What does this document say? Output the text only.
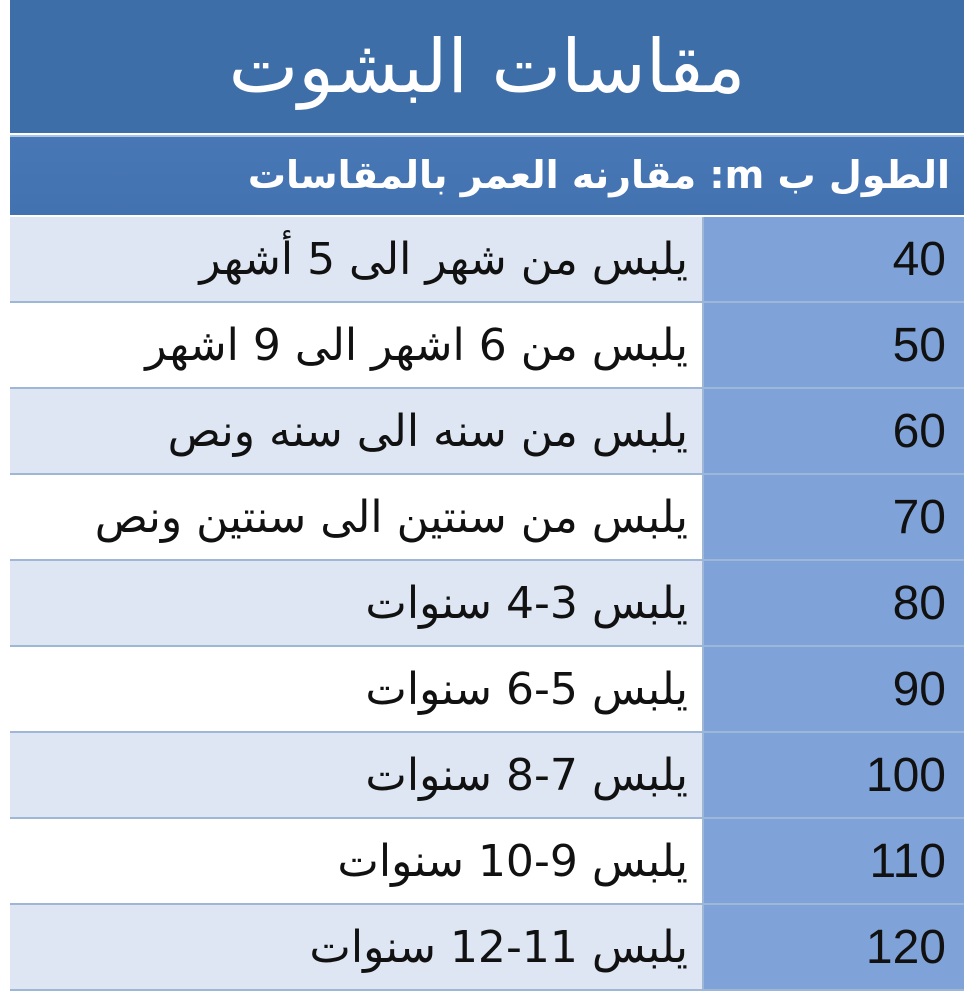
مقاسات البشوت
الطول ب m: مقارنه العمر بالمقاسات
يلبس من شهر الى 5 أشهر	40
يلبس من 6 اشهر الى 9 اشهر	50
يلبس من سنه الى سنه ونص	60
يلبس من سنتين الى سنتين ونص	70
يلبس 3-4 سنوات	80
يلبس 5-6 سنوات	90
يلبس 7-8 سنوات	100
يلبس 9-10 سنوات	110
يلبس 11-12 سنوات	120
